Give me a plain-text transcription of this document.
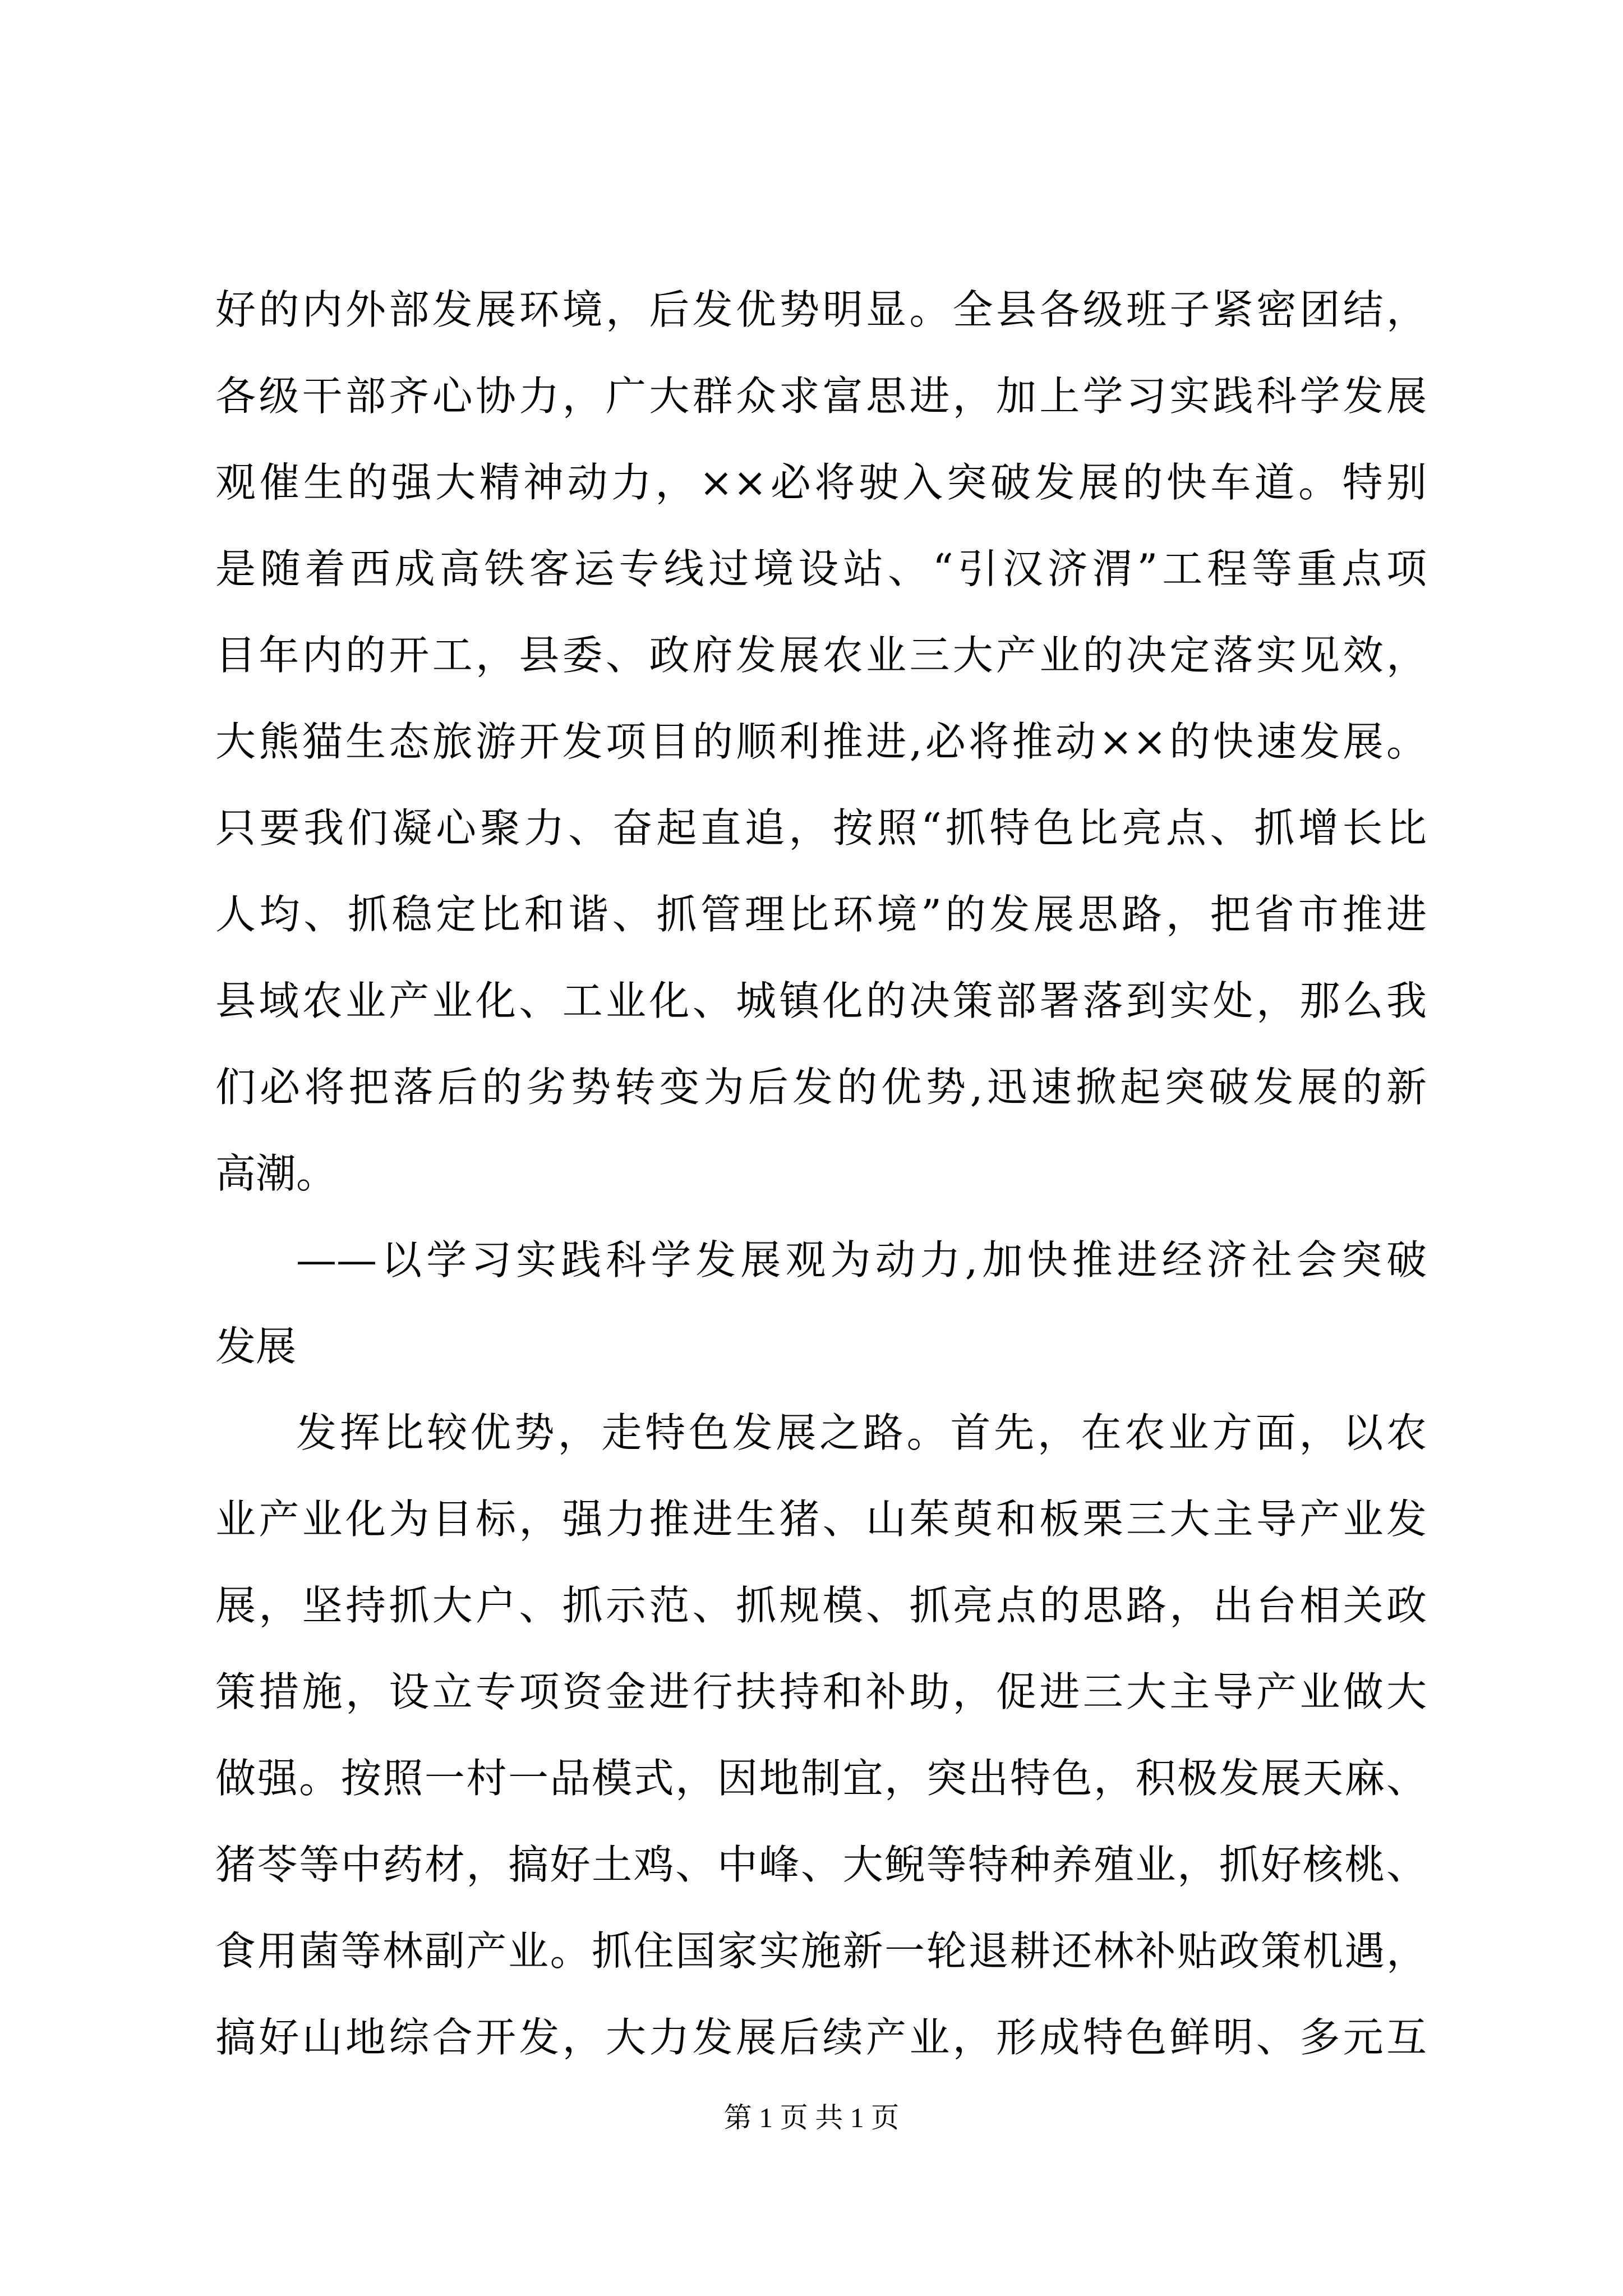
好的内外部发展环境，后发优势明显。全县各级班子紧密团结，
各级干部齐心协力，广大群众求富思进，加上学习实践科学发展
观催生的强大精神动力，××必将驶入突破发展的快车道。特别
是随着西成高铁客运专线过境设站、“引汉济渭”工程等重点项
目年内的开工，县委、政府发展农业三大产业的决定落实见效，
大熊猫生态旅游开发项目的顺利推进,必将推动××的快速发展。
只要我们凝心聚力、奋起直追，按照“抓特色比亮点、抓增长比
人均、抓稳定比和谐、抓管理比环境”的发展思路，把省市推进
县域农业产业化、工业化、城镇化的决策部署落到实处，那么我
们必将把落后的劣势转变为后发的优势,迅速掀起突破发展的新
高潮。
——以学习实践科学发展观为动力,加快推进经济社会突破
发展
发挥比较优势，走特色发展之路。首先，在农业方面，以农
业产业化为目标，强力推进生猪、山茱萸和板栗三大主导产业发
展，坚持抓大户、抓示范、抓规模、抓亮点的思路，出台相关政
策措施，设立专项资金进行扶持和补助，促进三大主导产业做大
做强。按照一村一品模式，因地制宜，突出特色，积极发展天麻、
猪苓等中药材，搞好土鸡、中峰、大鲵等特种养殖业，抓好核桃、
食用菌等林副产业。抓住国家实施新一轮退耕还林补贴政策机遇，
搞好山地综合开发，大力发展后续产业，形成特色鲜明、多元互
第 1 页 共 1 页
